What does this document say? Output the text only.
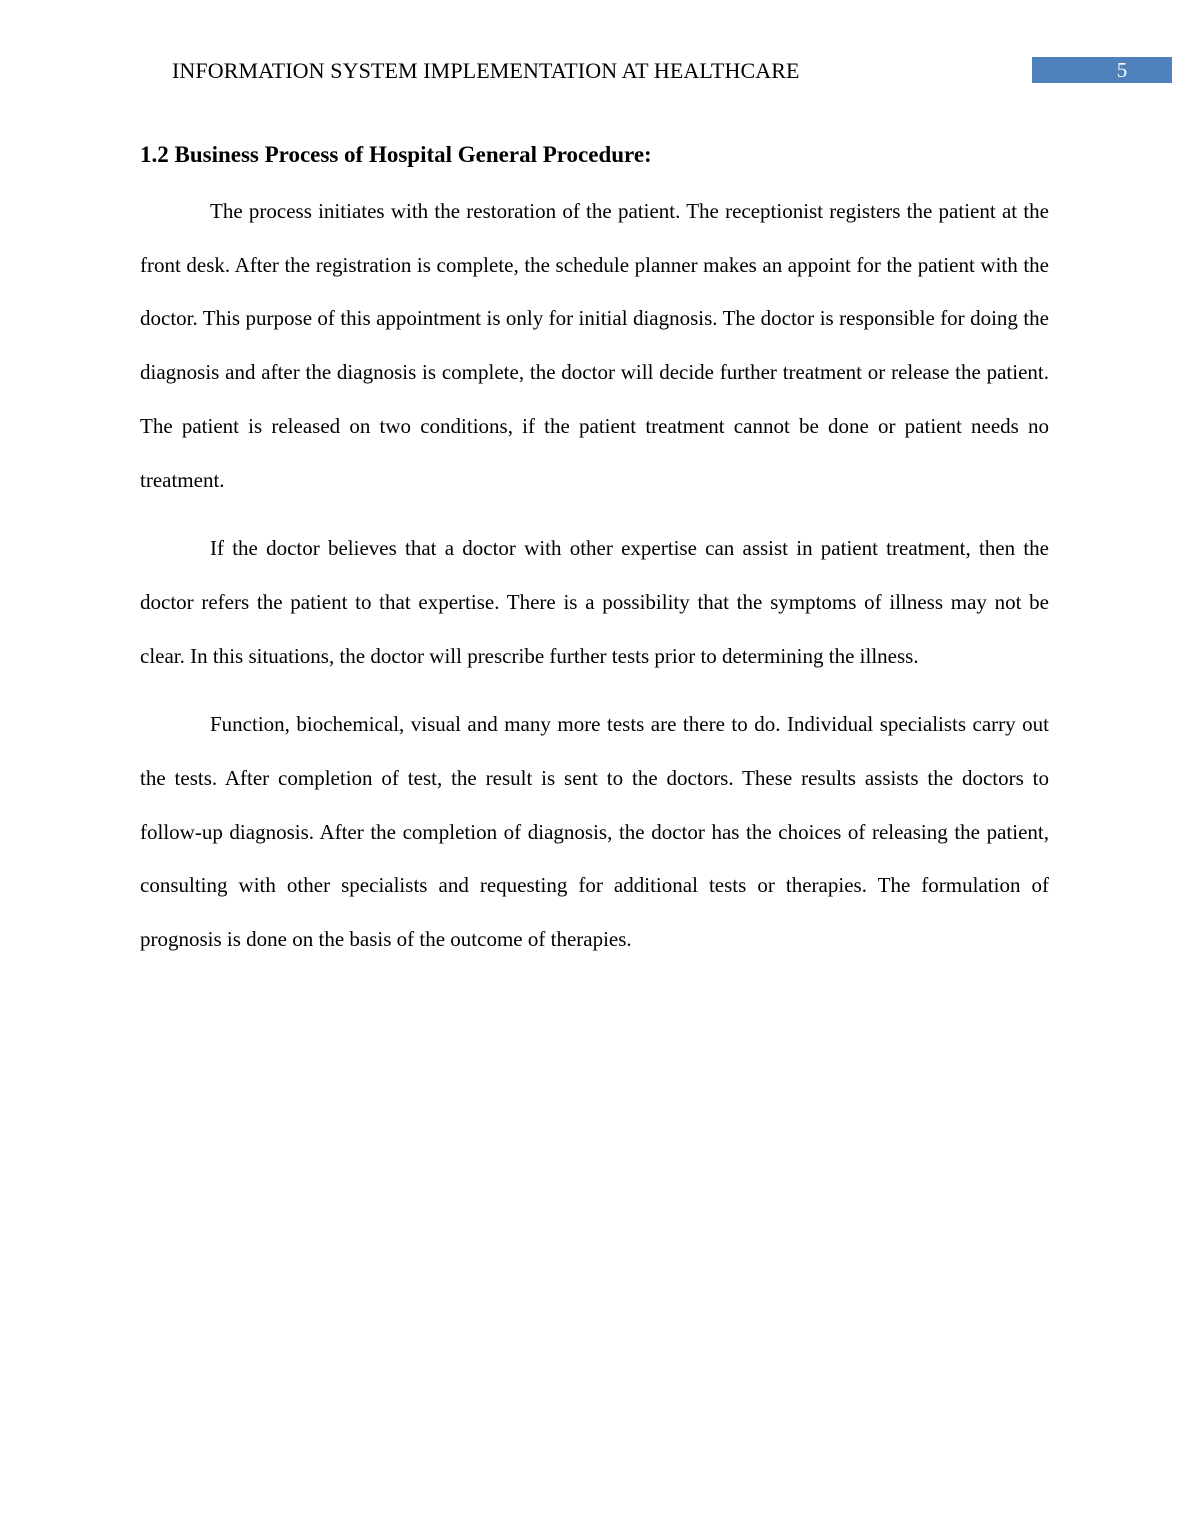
INFORMATION SYSTEM IMPLEMENTATION AT HEALTHCARE	5
1.2 Business Process of Hospital General Procedure:

The process initiates with the restoration of the patient. The receptionist registers the patient at the front desk. After the registration is complete, the schedule planner makes an appoint for the patient with the doctor. This purpose of this appointment is only for initial diagnosis. The doctor is responsible for doing the diagnosis and after the diagnosis is complete, the doctor will decide further treatment or release the patient. The patient is released on two conditions, if the patient treatment cannot be done or patient needs no treatment.

If the doctor believes that a doctor with other expertise can assist in patient treatment, then the doctor refers the patient to that expertise. There is a possibility that the symptoms of illness may not be clear. In this situations, the doctor will prescribe further tests prior to determining the illness.

Function, biochemical, visual and many more tests are there to do. Individual specialists carry out the tests. After completion of test, the result is sent to the doctors. These results assists the doctors to follow-up diagnosis. After the completion of diagnosis, the doctor has the choices of releasing the patient, consulting with other specialists and requesting for additional tests or therapies. The formulation of prognosis is done on the basis of the outcome of therapies.
